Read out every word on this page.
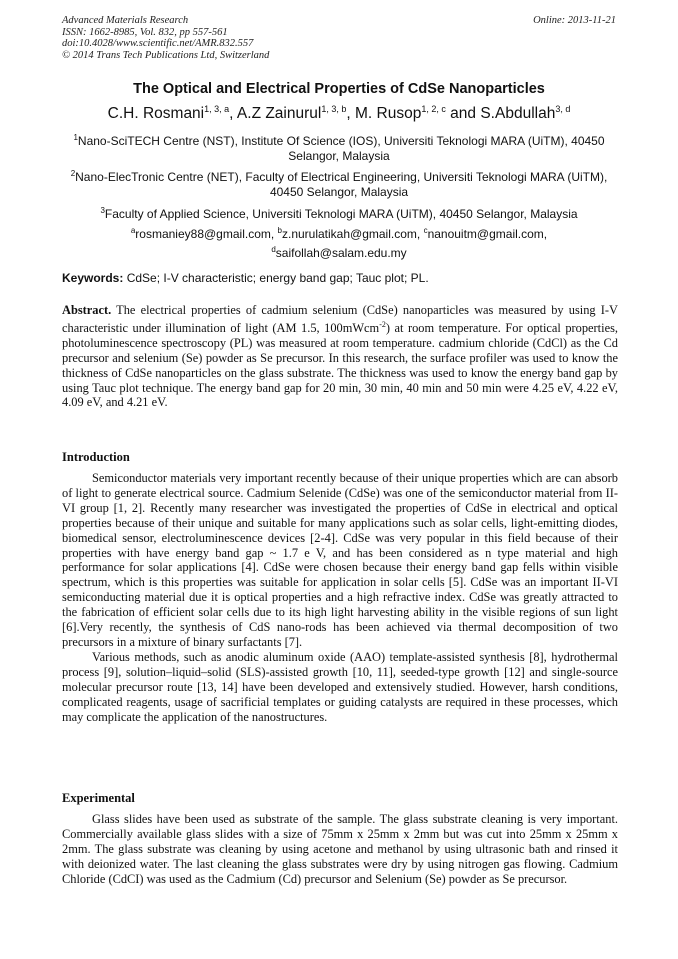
Advanced Materials Research
ISSN: 1662-8985, Vol. 832, pp 557-561
doi:10.4028/www.scientific.net/AMR.832.557
© 2014 Trans Tech Publications Ltd, Switzerland
Online: 2013-11-21
The Optical and Electrical Properties of CdSe Nanoparticles
C.H. Rosmani$^{1, 3, a}$, A.Z Zainurul$^{1, 3, b}$, M. Rusop$^{1, 2, c}$ and S.Abdullah$^{3, d}$
$^1$Nano-SciTECH Centre (NST), Institute Of Science (IOS), Universiti Teknologi MARA (UiTM), 40450 Selangor, Malaysia
$^2$Nano-ElecTronic Centre (NET), Faculty of Electrical Engineering, Universiti Teknologi MARA (UiTM), 40450 Selangor, Malaysia
$^3$Faculty of Applied Science, Universiti Teknologi MARA (UiTM), 40450 Selangor, Malaysia
$^a$rosmaniey88@gmail.com, $^b$z.nurulatikah@gmail.com, $^c$nanouitm@gmail.com,
$^d$saifollah@salam.edu.my
Keywords: CdSe; I-V characteristic; energy band gap; Tauc plot; PL.
Abstract. The electrical properties of cadmium selenium (CdSe) nanoparticles was measured by using I-V characteristic under illumination of light (AM 1.5, 100mWcm$^{-2}$) at room temperature. For optical properties, photoluminescence spectroscopy (PL) was measured at room temperature. cadmium chloride (CdCl) as the Cd precursor and selenium (Se) powder as Se precursor. In this research, the surface profiler was used to know the thickness of CdSe nanoparticles on the glass substrate. The thickness was used to know the energy band gap by using Tauc plot technique. The energy band gap for 20 min, 30 min, 40 min and 50 min were 4.25 eV, 4.22 eV, 4.09 eV, and 4.21 eV.
Introduction

Semiconductor materials very important recently because of their unique properties which are can absorb of light to generate electrical source. Cadmium Selenide (CdSe) was one of the semiconductor material from II-VI group [1, 2]. Recently many researcher was investigated the properties of CdSe in electrical and optical properties because of their unique and suitable for many applications such as solar cells, light-emitting diodes, biomedical sensor, electroluminescence devices [2-4]. CdSe was very popular in this field because of their properties with have energy band gap ~ 1.7 e V, and has been considered as n type material and high performance for solar applications [4]. CdSe were chosen because their energy band gap fells within visible spectrum, which is this properties was suitable for application in solar cells [5]. CdSe was an important II-VI semiconducting material due it is optical properties and a high refractive index. CdSe was greatly attracted to the fabrication of efficient solar cells due to its high light harvesting ability in the visible regions of sun light [6].Very recently, the synthesis of CdS nano-rods has been achieved via thermal decomposition of two precursors in a mixture of binary surfactants [7].

Various methods, such as anodic aluminum oxide (AAO) template-assisted synthesis [8], hydrothermal process [9], solution–liquid–solid (SLS)-assisted growth [10, 11], seeded-type growth [12] and single-source molecular precursor route [13, 14] have been developed and extensively studied. However, harsh conditions, complicated reagents, usage of sacrificial templates or guiding catalysts are required in these processes, which may complicate the application of the nanostructures.

Experimental

Glass slides have been used as substrate of the sample. The glass substrate cleaning is very important. Commercially available glass slides with a size of 75mm x 25mm x 2mm but was cut into 25mm x 25mm x 2mm. The glass substrate was cleaning by using acetone and methanol by using ultrasonic bath and rinsed it with deionized water. The last cleaning the glass substrates were dry by using nitrogen gas flowing. Cadmium Chloride (CdCI) was used as the Cadmium (Cd) precursor and Selenium (Se) powder as Se precursor.
